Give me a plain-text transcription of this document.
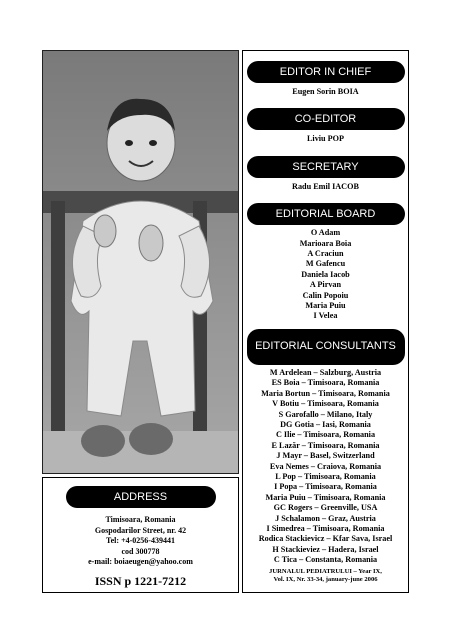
ADDRESS
Timisoara, Romania
Gospodarilor Street, nr. 42
Tel: +4-0256-439441
cod 300778
e-mail: boiaeugen@yahoo.com
ISSN p 1221-7212
EDITOR IN CHIEF
Eugen Sorin BOIA
CO-EDITOR
Liviu POP
SECRETARY
Radu Emil IACOB
EDITORIAL BOARD
O Adam
Marioara Boia
A Craciun
M Gafencu
Daniela Iacob
A Pirvan
Calin Popoiu
Maria Puiu
I Velea
EDITORIAL CONSULTANTS
M Ardelean – Salzburg, Austria
ES Boia – Timisoara, Romania
Maria Bortun – Timisoara, Romania
V Botiu – Timisoara, Romania
S Garofallo – Milano, Italy
DG Gotia – Iasi, Romania
C Ilie – Timisoara, Romania
E Lazăr – Timisoara, Romania
J Mayr – Basel, Switzerland
Eva Nemes – Craiova, Romania
L Pop – Timisoara, Romania
I Popa – Timisoara, Romania
Maria Puiu – Timisoara, Romania
GC Rogers – Greenville, USA
J Schalamon – Graz, Austria
I Simedrea – Timisoara, Romania
Rodica Stackievicz – Kfar Sava, Israel
H Stackieviez – Hadera, Israel
C Tica – Constanta, Romania
JURNALUL PEDIATRULUI – Year IX,
Vol. IX, Nr. 33-34, january-june 2006
